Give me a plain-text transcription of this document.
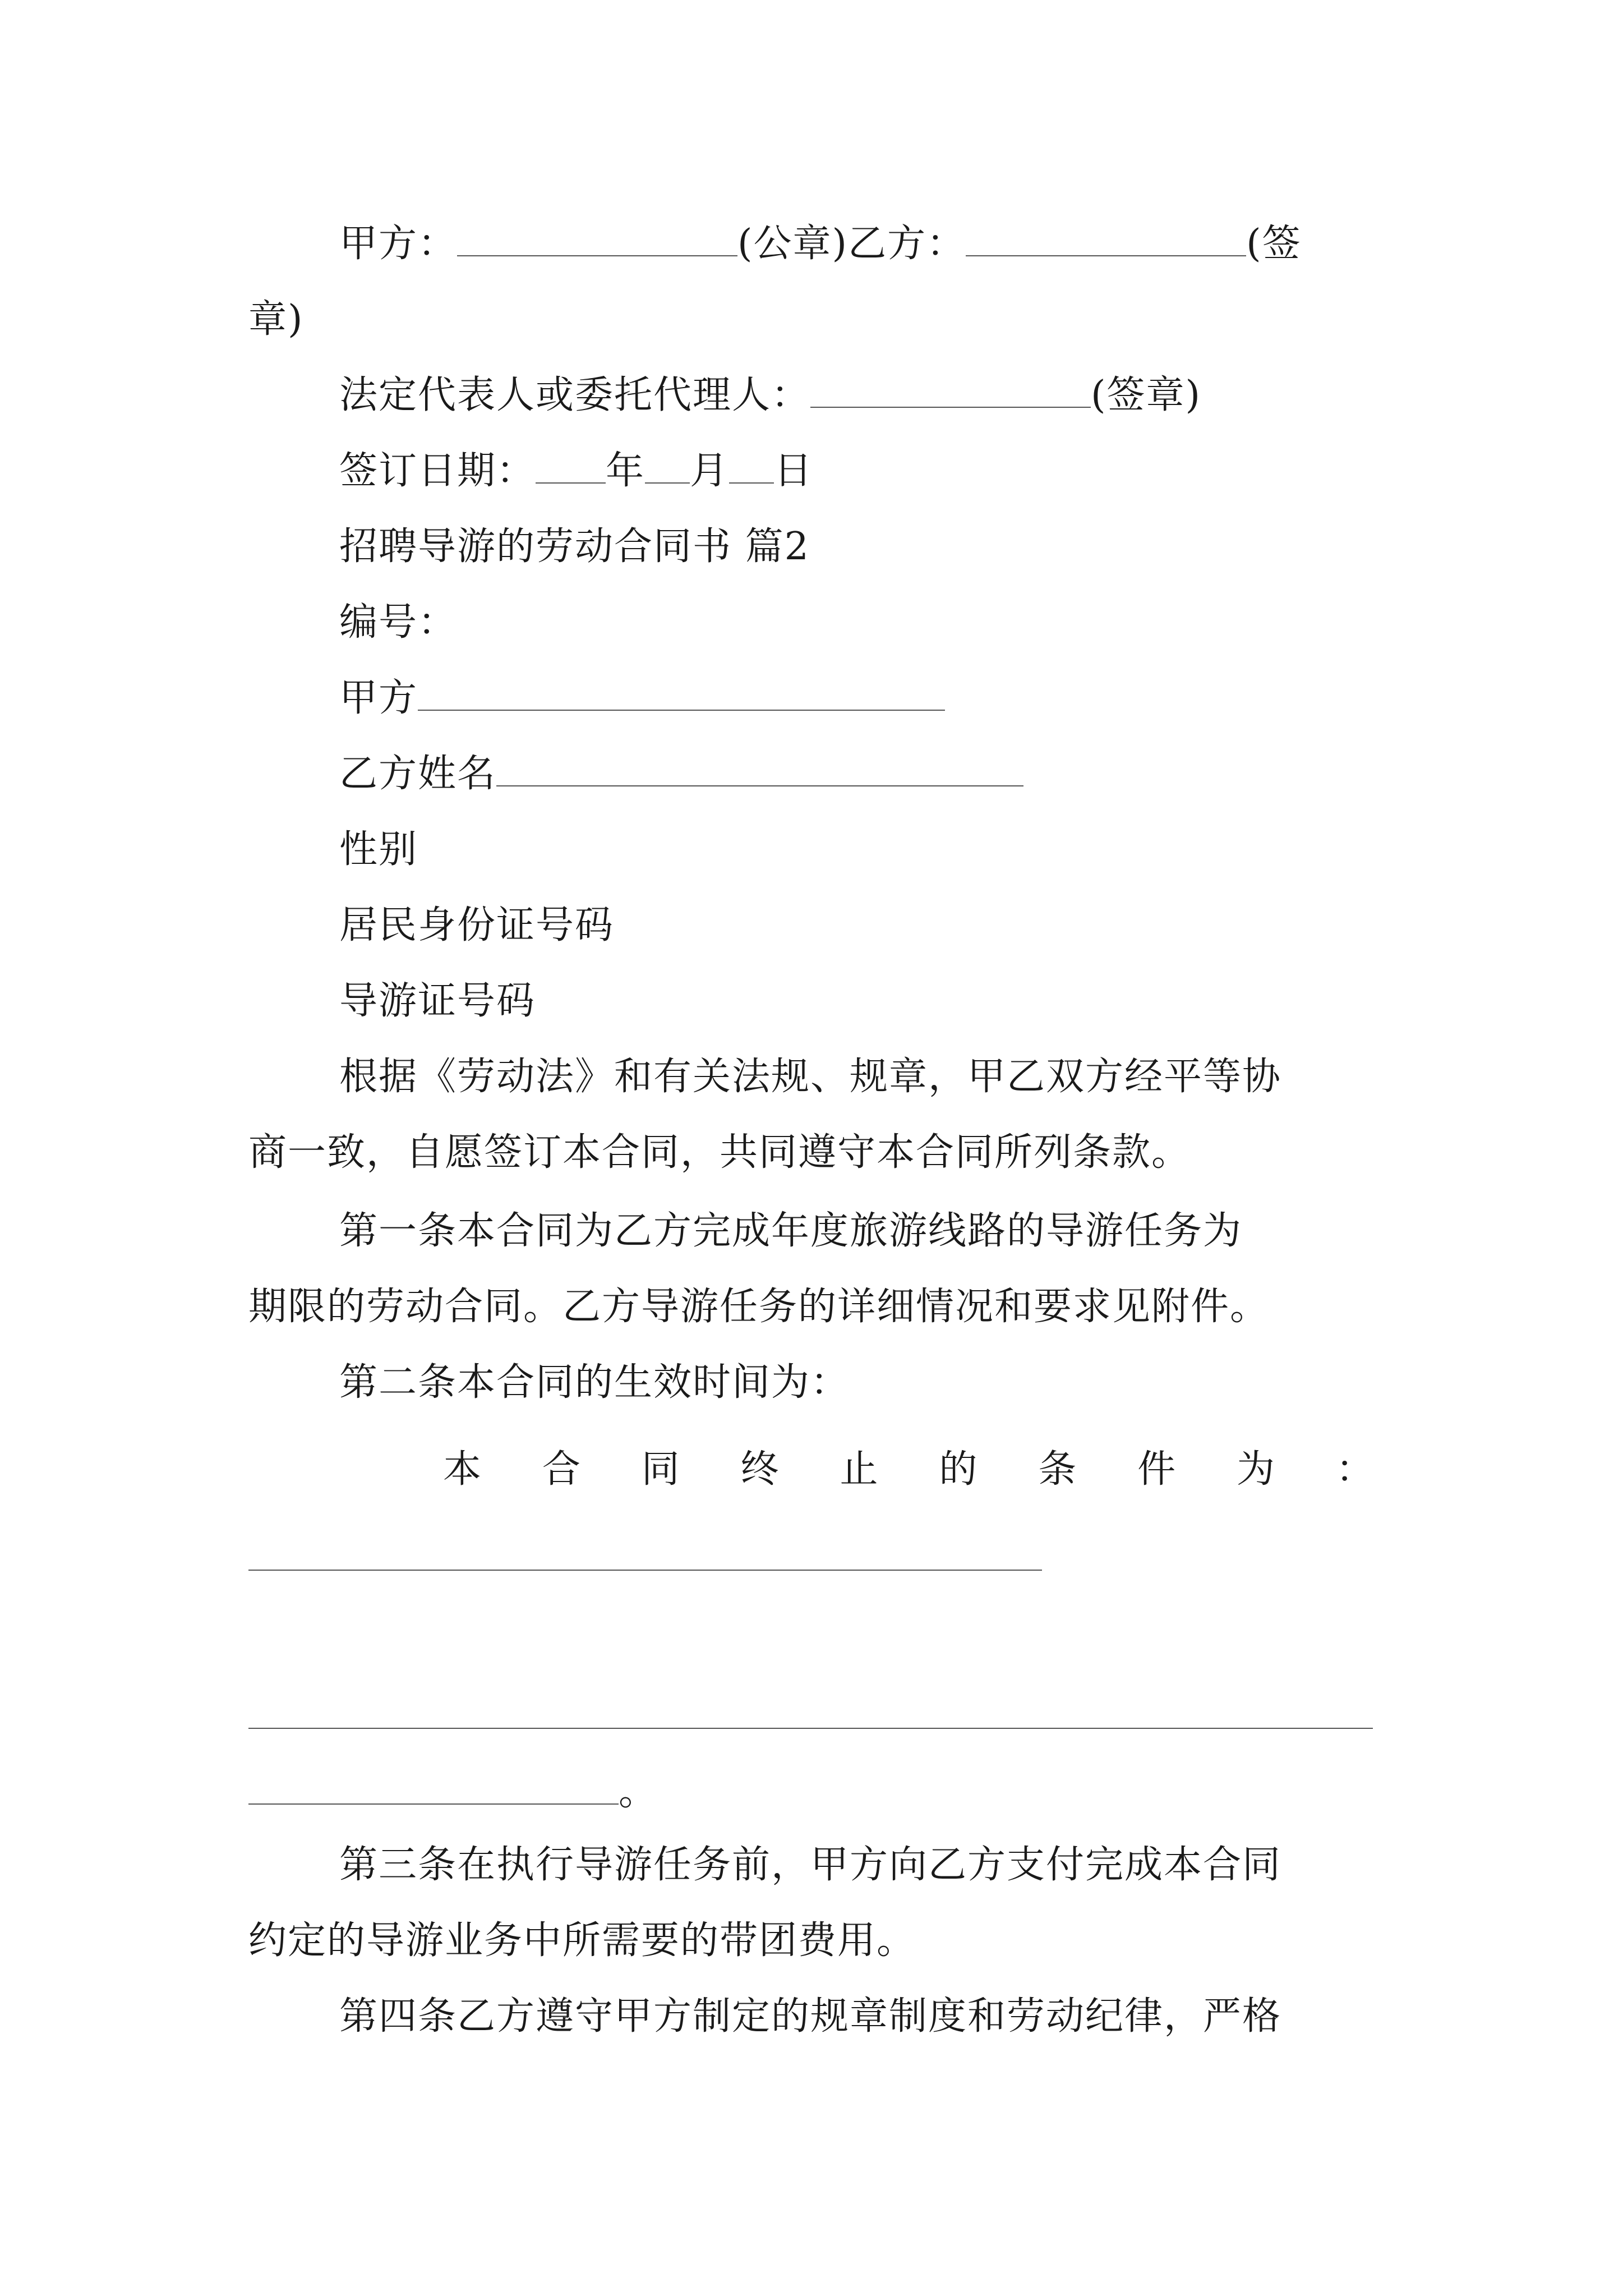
甲方：	(公章)乙方：	(签
章)
法定代表人或委托代理人：	(签章)
签订日期： 年 月 日
招聘导游的劳动合同书 篇2
编号：
甲方
乙方姓名
性别
居民身份证号码
导游证号码
根据《劳动法》和有关法规、规章，甲乙双方经平等协
商一致，自愿签订本合同，共同遵守本合同所列条款。
第一条本合同为乙方完成年度旅游线路的导游任务为
期限的劳动合同。乙方导游任务的详细情况和要求见附件。
第二条本合同的生效时间为：
本 合 同 终 止 的 条 件 为 ：
。
第三条在执行导游任务前，甲方向乙方支付完成本合同
约定的导游业务中所需要的带团费用。
第四条乙方遵守甲方制定的规章制度和劳动纪律，严格
